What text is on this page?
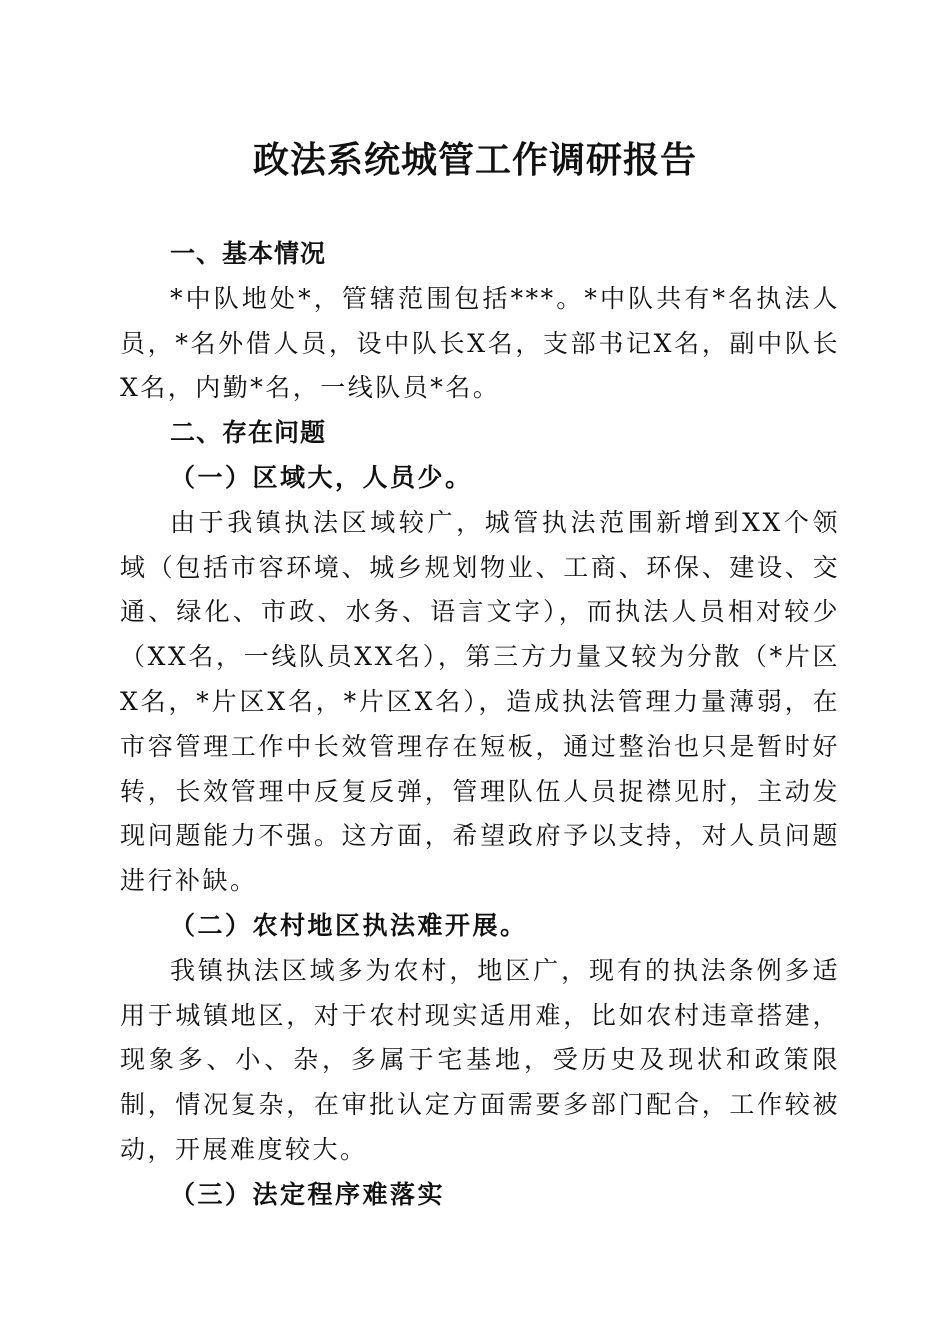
政法系统城管工作调研报告

一、基本情况

*中队地处*，管辖范围包括***。*中队共有*名执法人员，*名外借人员，设中队长X名，支部书记X名，副中队长X名，内勤*名，一线队员*名。

二、存在问题

（一）区域大，人员少。

由于我镇执法区域较广，城管执法范围新增到XX个领域（包括市容环境、城乡规划物业、工商、环保、建设、交通、绿化、市政、水务、语言文字），而执法人员相对较少（XX名，一线队员XX名），第三方力量又较为分散（*片区X名，*片区X名，*片区X名），造成执法管理力量薄弱，在市容管理工作中长效管理存在短板，通过整治也只是暂时好转，长效管理中反复反弹，管理队伍人员捉襟见肘，主动发现问题能力不强。这方面，希望政府予以支持，对人员问题进行补缺。

（二）农村地区执法难开展。

我镇执法区域多为农村，地区广，现有的执法条例多适用于城镇地区，对于农村现实适用难，比如农村违章搭建，现象多、小、杂，多属于宅基地，受历史及现状和政策限制，情况复杂，在审批认定方面需要多部门配合，工作较被动，开展难度较大。

（三）法定程序难落实
